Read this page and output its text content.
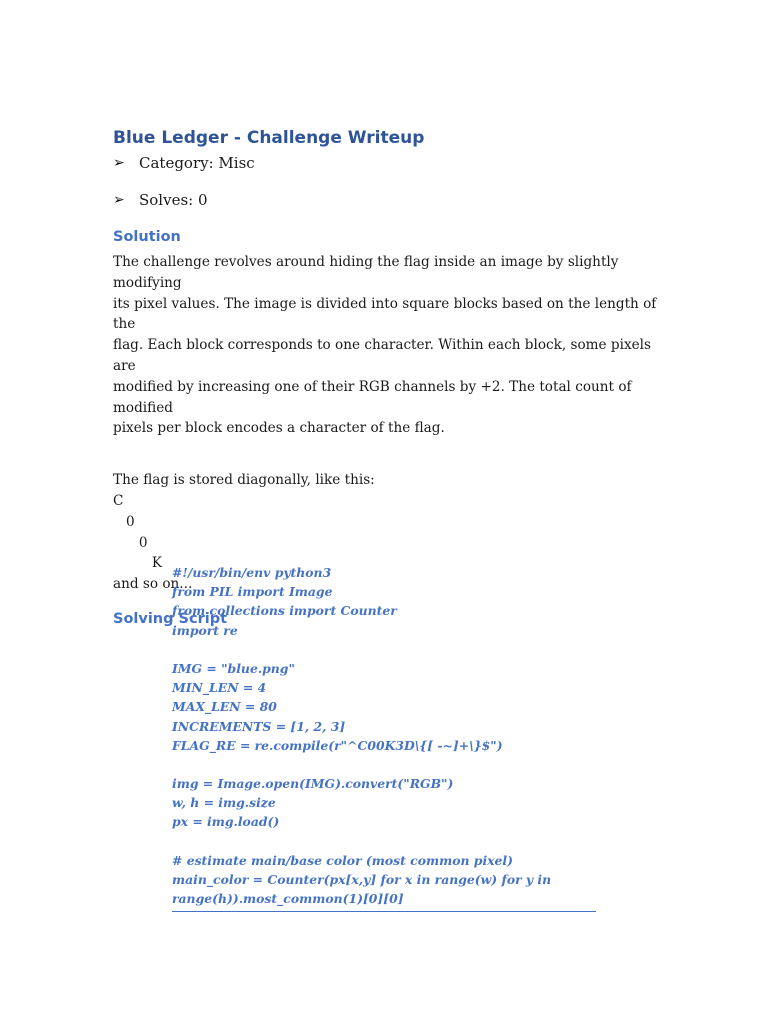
Blue Ledger - Challenge Writeup
➢ Category: Misc
➢ Solves: 0
Solution
The challenge revolves around hiding the flag inside an image by slightly modifying
its pixel values. The image is divided into square blocks based on the length of the
flag. Each block corresponds to one character. Within each block, some pixels are
modified by increasing one of their RGB channels by +2. The total count of modified
pixels per block encodes a character of the flag.
The flag is stored diagonally, like this:
C
0
0
K
and so on...
Solving Script
#!/usr/bin/env python3
from PIL import Image
from collections import Counter
import re
IMG = "blue.png"
MIN_LEN = 4
MAX_LEN = 80
INCREMENTS = [1, 2, 3]
FLAG_RE = re.compile(r"^C00K3D\{[ -~]+\}$")
img = Image.open(IMG).convert("RGB")
w, h = img.size
px = img.load()
# estimate main/base color (most common pixel)
main_color = Counter(px[x,y] for x in range(w) for y in
range(h)).most_common(1)[0][0]
